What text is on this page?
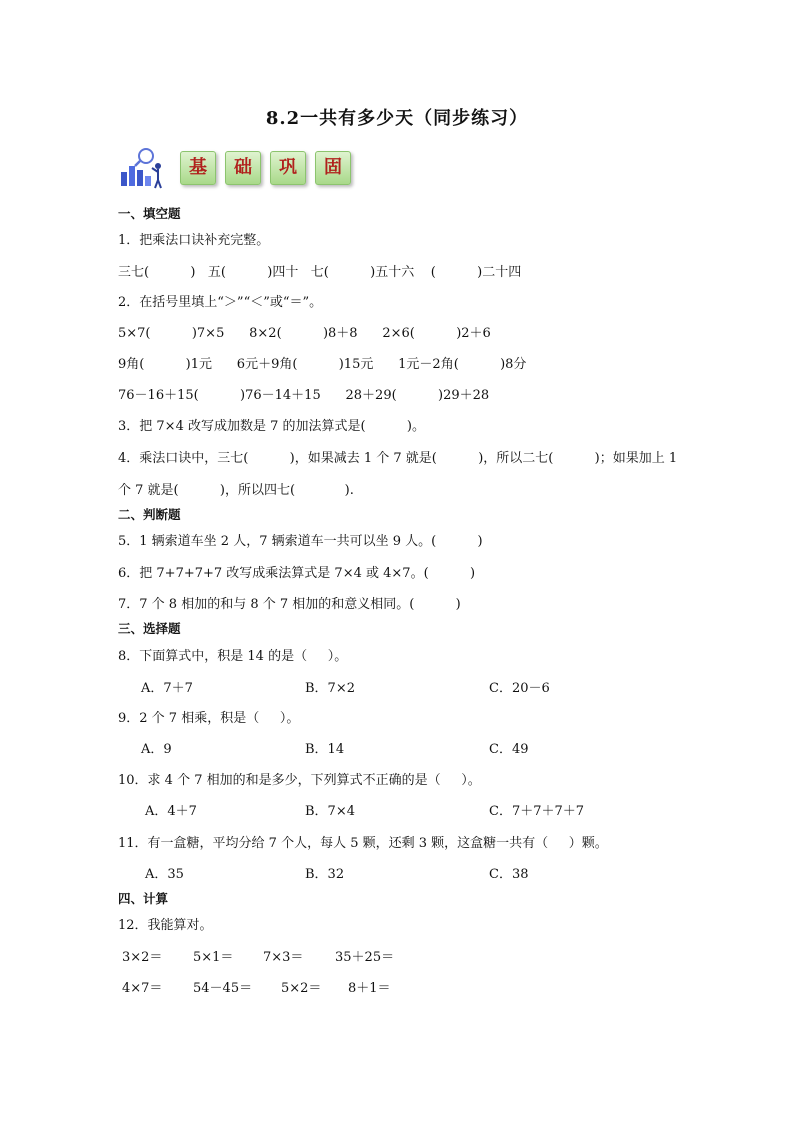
8.2一共有多少天（同步练习）
基	础	巩	固
一、填空题
1．把乘法口诀补充完整。
三七(          )   五(          )四十   七(          )五十六    (          )二十四
2．在括号里填上“＞”“＜”或“＝”。
5×7(          )7×5      8×2(          )8＋8      2×6(          )2＋6
9角(          )1元      6元＋9角(          )15元      1元－2角(          )8分
76－16＋15(          )76－14＋15      28＋29(          )29＋28
3．把 7×4 改写成加数是 7 的加法算式是(          )。
4．乘法口诀中，三七(          )，如果减去 1 个 7 就是(          )，所以二七(          )；如果加上 1
个 7 就是(          )，所以四七(            ).
二、判断题
5．1 辆索道车坐 2 人，7 辆索道车一共可以坐 9 人。(          )
6．把 7+7+7+7 改写成乘法算式是 7×4 或 4×7。(          )
7．7 个 8 相加的和与 8 个 7 相加的和意义相同。(          )
三、选择题
8．下面算式中，积是 14 的是（     ）。
A．7＋7	B．7×2	C．20－6
9．2 个 7 相乘，积是（     ）。
A．9	B．14	C．49
10．求 4 个 7 相加的和是多少，下列算式不正确的是（     ）。
A．4＋7	B．7×4	C．7＋7＋7＋7
11．有一盒糖，平均分给 7 个人，每人 5 颗，还剩 3 颗，这盒糖一共有（     ）颗。
A．35	B．32	C．38
四、计算
12．我能算对。
3×2＝ 5×1＝ 7×3＝ 35＋25＝
4×7＝ 54－45＝ 5×2＝ 8＋1＝
